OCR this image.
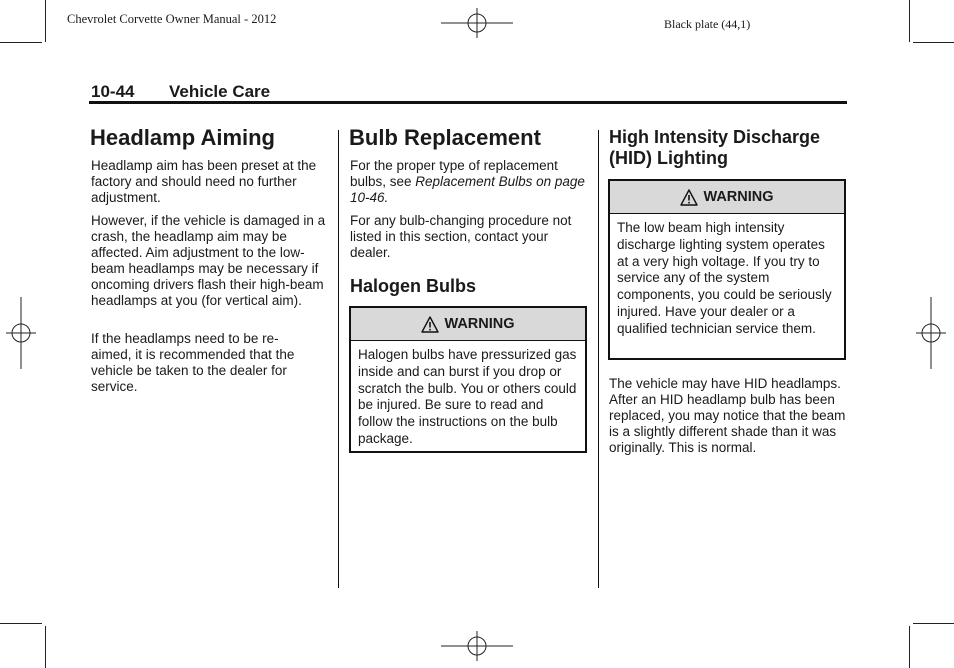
Chevrolet Corvette Owner Manual - 2012	Black plate (44,1)
10-44 Vehicle Care
Headlamp Aiming

Headlamp aim has been preset at the factory and should need no further adjustment.

However, if the vehicle is damaged in a crash, the headlamp aim may be affected. Aim adjustment to the low-beam headlamps may be necessary if oncoming drivers flash their high-beam headlamps at you (for vertical aim).

If the headlamps need to be re-aimed, it is recommended that the vehicle be taken to the dealer for service.

Bulb Replacement

For the proper type of replacement bulbs, see Replacement Bulbs on page 10-46.

For any bulb-changing procedure not listed in this section, contact your dealer.

Halogen Bulbs
WARNING
Halogen bulbs have pressurized gas inside and can burst if you drop or scratch the bulb. You or others could be injured. Be sure to read and follow the instructions on the bulb package.
High Intensity Discharge
(HID) Lighting
WARNING
The low beam high intensity discharge lighting system operates at a very high voltage. If you try to service any of the system components, you could be seriously injured. Have your dealer or a qualified technician service them.

The vehicle may have HID headlamps. After an HID headlamp bulb has been replaced, you may notice that the beam is a slightly different shade than it was originally. This is normal.
